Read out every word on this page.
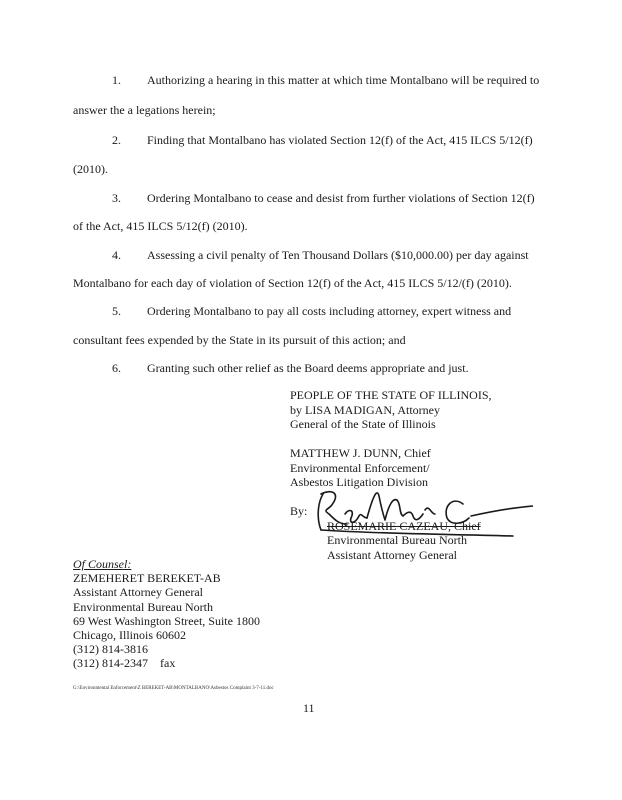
1. Authorizing a hearing in this matter at which time Montalbano will be required to
answer the a legations herein;
2. Finding that Montalbano has violated Section 12(f) of the Act, 415 ILCS 5/12(f)
(2010).
3. Ordering Montalbano to cease and desist from further violations of Section 12(f)
of the Act, 415 ILCS 5/12(f) (2010).
4. Assessing a civil penalty of Ten Thousand Dollars ($10,000.00) per day against
Montalbano for each day of violation of Section 12(f) of the Act, 415 ILCS 5/12/(f) (2010).
5. Ordering Montalbano to pay all costs including attorney, expert witness and
consultant fees expended by the State in its pursuit of this action; and
6. Granting such other relief as the Board deems appropriate and just.
PEOPLE OF THE STATE OF ILLINOIS,
by LISA MADIGAN, Attorney
General of the State of Illinois
MATTHEW J. DUNN, Chief
Environmental Enforcement/
Asbestos Litigation Division
By:
ROSEMARIE CAZEAU, Chief
Environmental Bureau North
Assistant Attorney General
Of Counsel:
ZEMEHERET BEREKET-AB
Assistant Attorney General
Environmental Bureau North
69 West Washington Street, Suite 1800
Chicago, Illinois 60602
(312) 814-3816
(312) 814-2347 fax
G:\Environmental Enforcement\Z BEREKET-AB\MONTALBANO\Asbestos Complaint 3-7-11.doc
11
